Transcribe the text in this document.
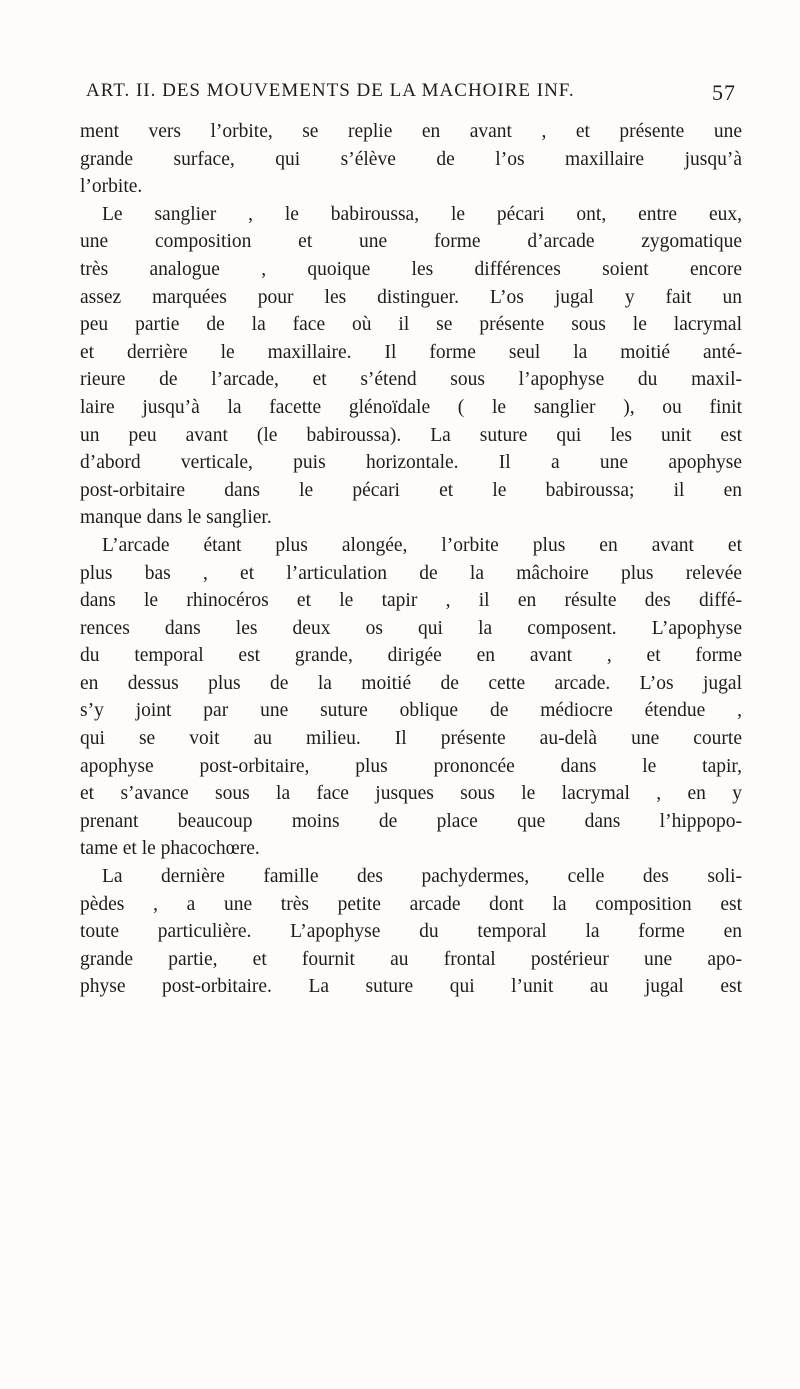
ART. II. DES MOUVEMENTS DE LA MACHOIRE INF.	57
ment vers l’orbite, se replie en avant , et présente une
grande surface, qui s’élève de l’os maxillaire jusqu’à
l’orbite.
Le sanglier , le babiroussa, le pécari ont, entre eux,
une composition et une forme d’arcade zygomatique
très analogue , quoique les différences soient encore
assez marquées pour les distinguer. L’os jugal y fait un
peu partie de la face où il se présente sous le lacrymal
et derrière le maxillaire. Il forme seul la moitié anté-
rieure de l’arcade, et s’étend sous l’apophyse du maxil-
laire jusqu’à la facette glénoïdale ( le sanglier ), ou finit
un peu avant (le babiroussa). La suture qui les unit est
d’abord verticale, puis horizontale. Il a une apophyse
post-orbitaire dans le pécari et le babiroussa; il en
manque dans le sanglier.
L’arcade étant plus alongée, l’orbite plus en avant et
plus bas , et l’articulation de la mâchoire plus relevée
dans le rhinocéros et le tapir , il en résulte des diffé-
rences dans les deux os qui la composent. L’apophyse
du temporal est grande, dirigée en avant , et forme
en dessus plus de la moitié de cette arcade. L’os jugal
s’y joint par une suture oblique de médiocre étendue ,
qui se voit au milieu. Il présente au-delà une courte
apophyse post-orbitaire, plus prononcée dans le tapir,
et s’avance sous la face jusques sous le lacrymal , en y
prenant beaucoup moins de place que dans l’hippopo-
tame et le phacochœre.
La dernière famille des pachydermes, celle des soli-
pèdes , a une très petite arcade dont la composition est
toute particulière. L’apophyse du temporal la forme en
grande partie, et fournit au frontal postérieur une apo-
physe post-orbitaire. La suture qui l’unit au jugal est
